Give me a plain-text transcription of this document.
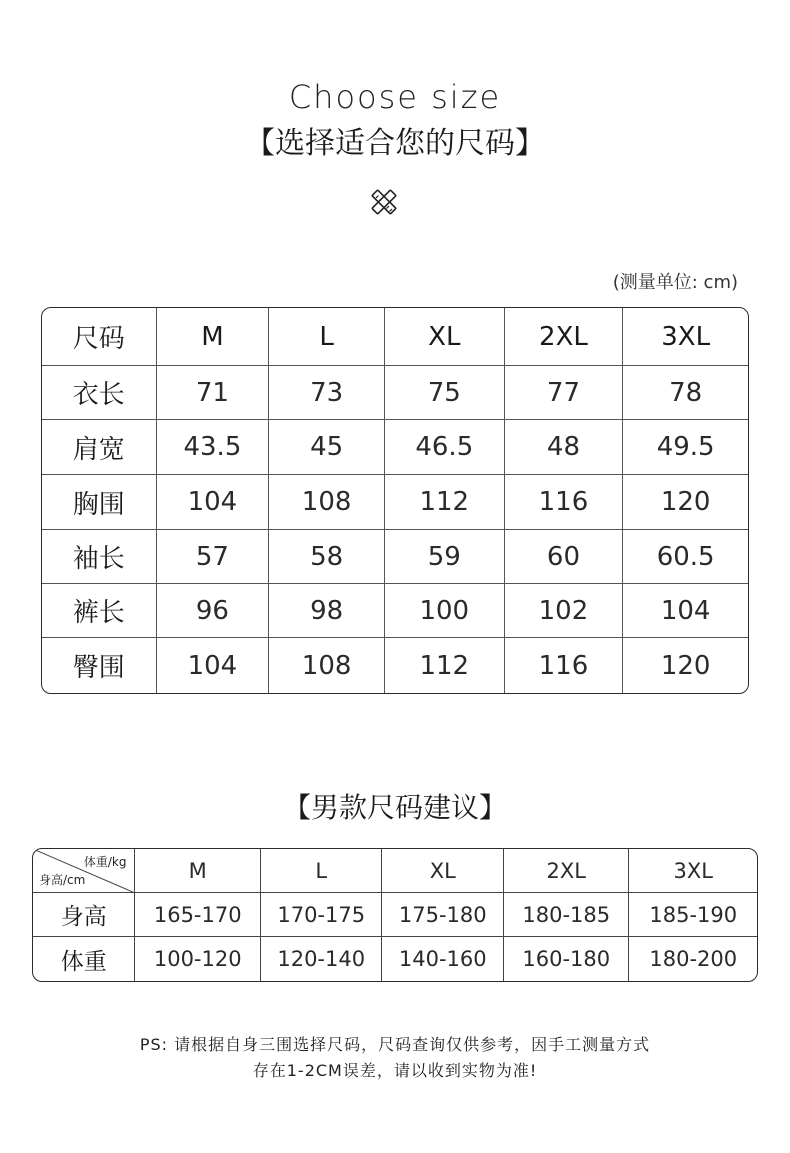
Choose size
【选择适合您的尺码】
(测量单位: cm)
尺码	M	L	XL	2XL	3XL
衣长	71	73	75	77	78
肩宽	43.5	45	46.5	48	49.5
胸围	104	108	112	116	120
袖长	57	58	59	60	60.5
裤长	96	98	100	102	104
臀围	104	108	112	116	120
【男款尺码建议】
体重/kg
身高/cm	M	L	XL	2XL	3XL
身高	165-170	170-175	175-180	180-185	185-190
体重	100-120	120-140	140-160	160-180	180-200
PS: 请根据自身三围选择尺码，尺码查询仅供参考，因手工测量方式
存在1-2CM误差，请以收到实物为准!
